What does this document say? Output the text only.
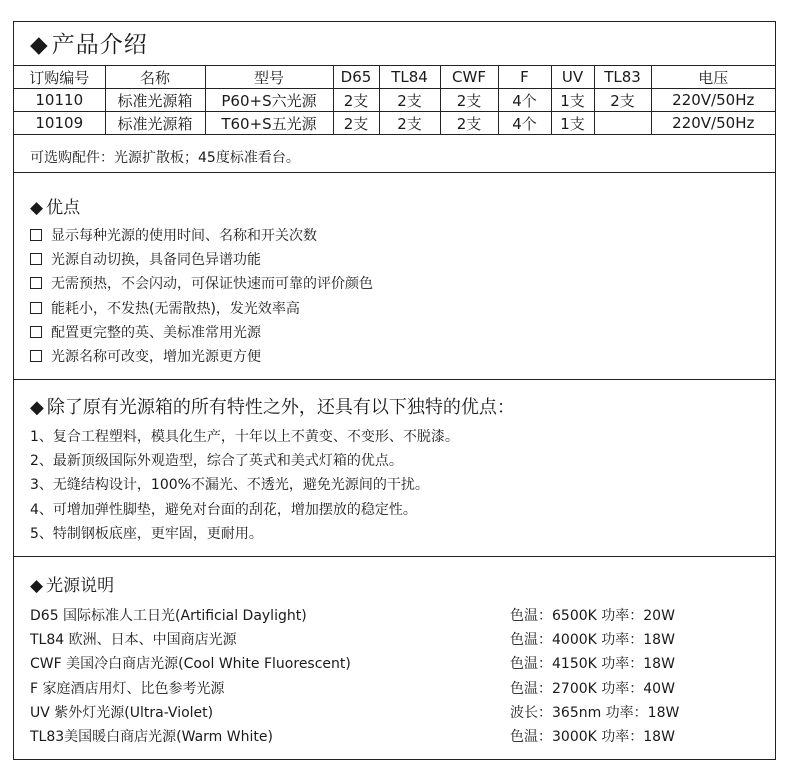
◆ 产品介绍
订购编号	名称	型号	D65	TL84	CWF	F	UV	TL83	电压
10110	标准光源箱	P60+S六光源	2支	2支	2支	4个	1支	2支	220V/50Hz
10109	标准光源箱	T60+S五光源	2支	2支	2支	4个	1支		220V/50Hz
可选购配件：光源扩散板；45度标准看台。
◆ 优点
显示每种光源的使用时间、名称和开关次数
光源自动切换，具备同色异谱功能
无需预热，不会闪动，可保证快速而可靠的评价颜色
能耗小，不发热(无需散热)，发光效率高
配置更完整的英、美标准常用光源
光源名称可改变，增加光源更方便
◆ 除了原有光源箱的所有特性之外，还具有以下独特的优点：
1、复合工程塑料，模具化生产，十年以上不黄变、不变形、不脱漆。
2、最新顶级国际外观造型，综合了英式和美式灯箱的优点。
3、无缝结构设计，100%不漏光、不透光，避免光源间的干扰。
4、可增加弹性脚垫，避免对台面的刮花，增加摆放的稳定性。
5、特制钢板底座，更牢固，更耐用。
◆ 光源说明
D65 国际标准人工日光(Artificial Daylight)	色温：6500K 功率：20W
TL84 欧洲、日本、中国商店光源	色温：4000K 功率：18W
CWF 美国冷白商店光源(Cool White Fluorescent)	色温：4150K 功率：18W
F 家庭酒店用灯、比色参考光源	色温：2700K 功率：40W
UV 紫外灯光源(Ultra-Violet)	波长：365nm 功率：18W
TL83美国暖白商店光源(Warm White)	色温：3000K 功率：18W
